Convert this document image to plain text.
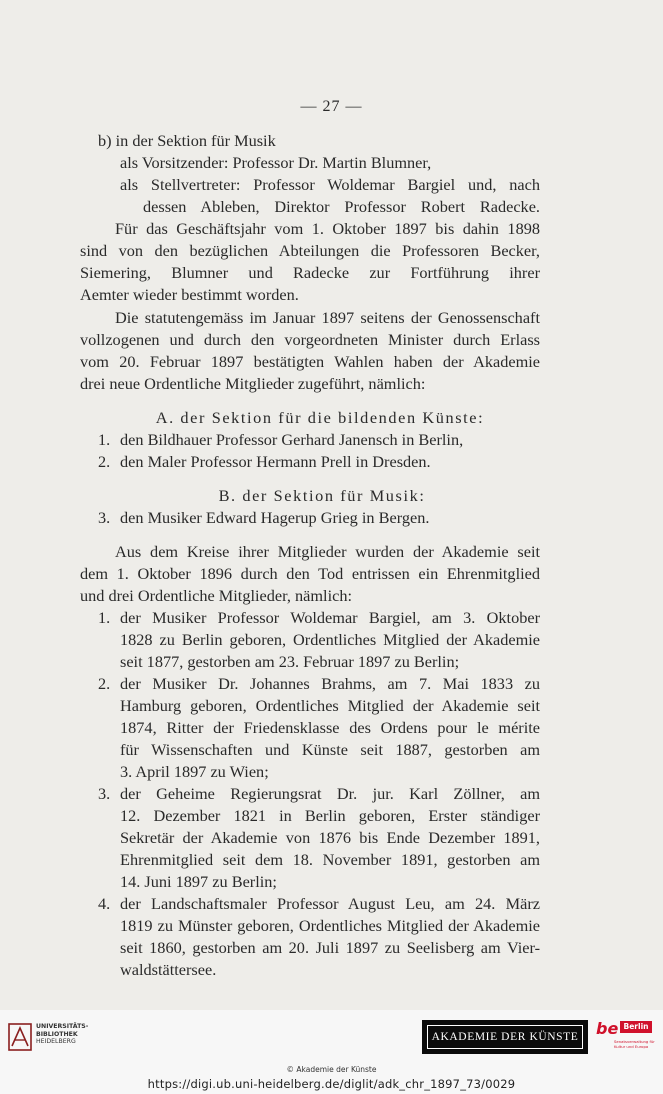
— 27 —
b) in der Sektion für Musik
als Vorsitzender: Professor Dr. Martin Blumner,
als Stellvertreter: Professor Woldemar Bargiel und, nach
dessen Ableben, Direktor Professor Robert Radecke.
Für das Geschäftsjahr vom 1. Oktober 1897 bis dahin 1898
sind von den bezüglichen Abteilungen die Professoren Becker,
Siemering, Blumner und Radecke zur Fortführung ihrer
Aemter wieder bestimmt worden.
Die statutengemäss im Januar 1897 seitens der Genossenschaft
vollzogenen und durch den vorgeordneten Minister durch Erlass
vom 20. Februar 1897 bestätigten Wahlen haben der Akademie
drei neue Ordentliche Mitglieder zugeführt, nämlich:
A. der Sektion für die bildenden Künste:
1. den Bildhauer Professor Gerhard Janensch in Berlin,
2. den Maler Professor Hermann Prell in Dresden.
B. der Sektion für Musik:
3. den Musiker Edward Hagerup Grieg in Bergen.
Aus dem Kreise ihrer Mitglieder wurden der Akademie seit
dem 1. Oktober 1896 durch den Tod entrissen ein Ehrenmitglied
und drei Ordentliche Mitglieder, nämlich:
1. der Musiker Professor Woldemar Bargiel, am 3. Oktober
1828 zu Berlin geboren, Ordentliches Mitglied der Akademie
seit 1877, gestorben am 23. Februar 1897 zu Berlin;
2. der Musiker Dr. Johannes Brahms, am 7. Mai 1833 zu
Hamburg geboren, Ordentliches Mitglied der Akademie seit
1874, Ritter der Friedensklasse des Ordens pour le mérite
für Wissenschaften und Künste seit 1887, gestorben am
3. April 1897 zu Wien;
3. der Geheime Regierungsrat Dr. jur. Karl Zöllner, am
12. Dezember 1821 in Berlin geboren, Erster ständiger
Sekretär der Akademie von 1876 bis Ende Dezember 1891,
Ehrenmitglied seit dem 18. November 1891, gestorben am
14. Juni 1897 zu Berlin;
4. der Landschaftsmaler Professor August Leu, am 24. März
1819 zu Münster geboren, Ordentliches Mitglied der Akademie
seit 1860, gestorben am 20. Juli 1897 zu Seelisberg am Vier-
waldstättersee.
UNIVERSITÄTS-
BIBLIOTHEK
HEIDELBERG	AKADEMIE DER KÜNSTE be Berlin
Senatsverwaltung für Kultur und Europa
© Akademie der Künste
https://digi.ub.uni-heidelberg.de/diglit/adk_chr_1897_73/0029
